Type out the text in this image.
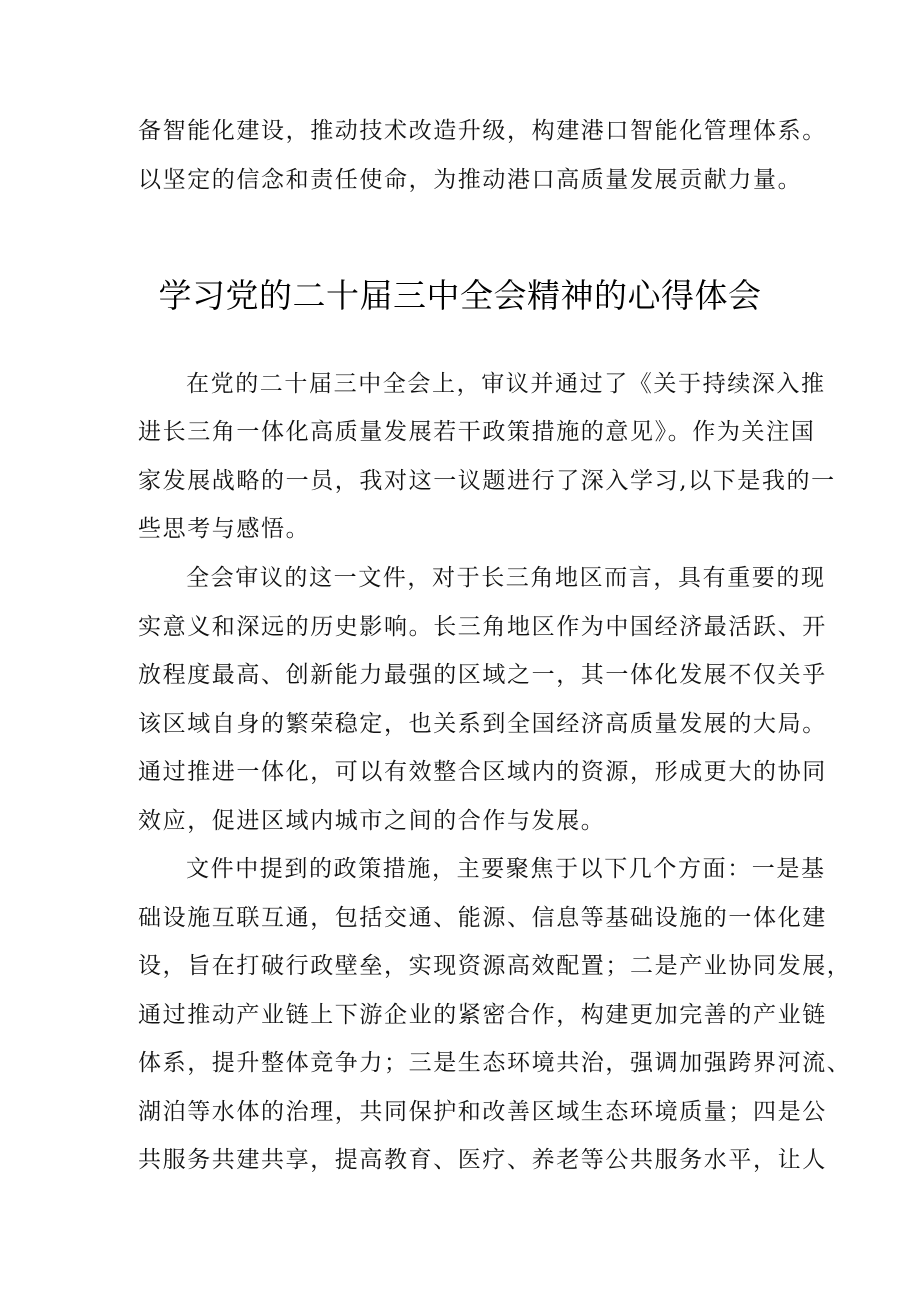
备智能化建设，推动技术改造升级，构建港口智能化管理体系。
以坚定的信念和责任使命，为推动港口高质量发展贡献力量。
学习党的二十届三中全会精神的心得体会
在党的二十届三中全会上，审议并通过了《关于持续深入推
进长三角一体化高质量发展若干政策措施的意见》。作为关注国
家发展战略的一员，我对这一议题进行了深入学习,以下是我的一
些思考与感悟。
全会审议的这一文件，对于长三角地区而言，具有重要的现
实意义和深远的历史影响。长三角地区作为中国经济最活跃、开
放程度最高、创新能力最强的区域之一，其一体化发展不仅关乎
该区域自身的繁荣稳定，也关系到全国经济高质量发展的大局。
通过推进一体化，可以有效整合区域内的资源，形成更大的协同
效应，促进区域内城市之间的合作与发展。
文件中提到的政策措施，主要聚焦于以下几个方面：一是基
础设施互联互通，包括交通、能源、信息等基础设施的一体化建
设，旨在打破行政壁垒，实现资源高效配置；二是产业协同发展，
通过推动产业链上下游企业的紧密合作，构建更加完善的产业链
体系，提升整体竞争力；三是生态环境共治，强调加强跨界河流、
湖泊等水体的治理，共同保护和改善区域生态环境质量；四是公
共服务共建共享，提高教育、医疗、养老等公共服务水平，让人
